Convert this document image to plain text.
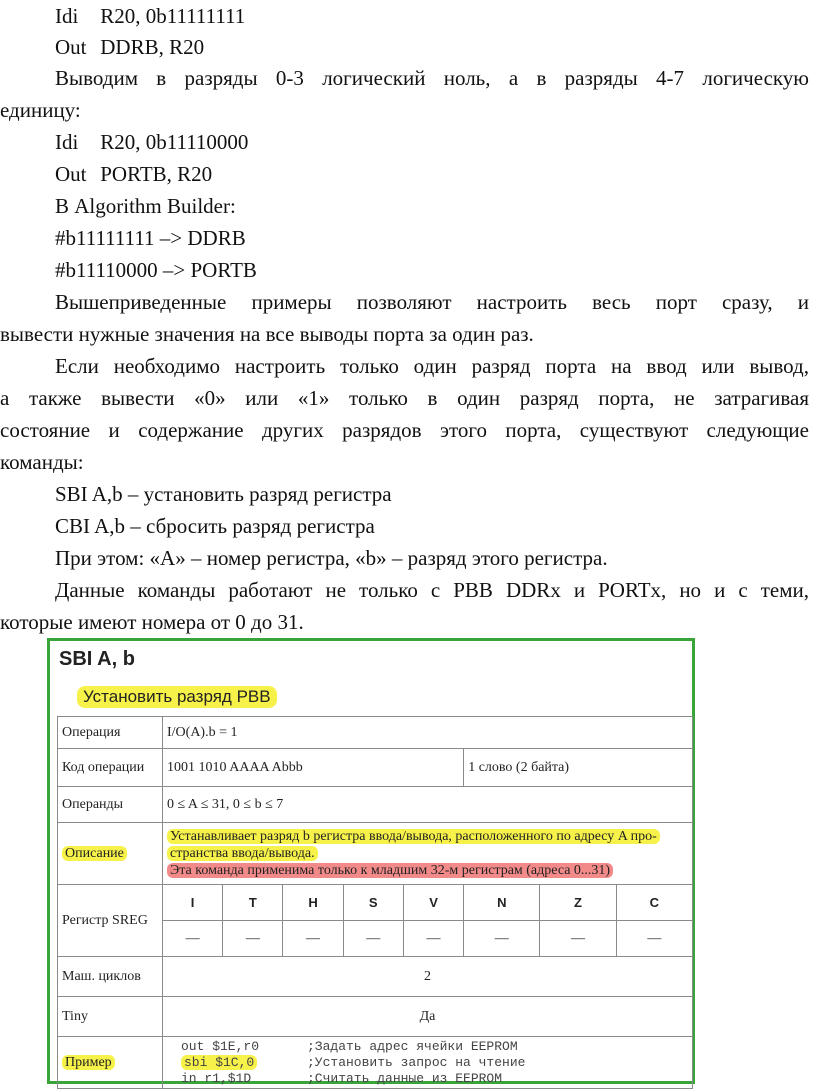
Idi R20, 0b11111111
Out DDRB, R20
Выводим в разряды 0-3 логический ноль, а в разряды 4-7 логическую
единицу:
Idi R20, 0b11110000
Out PORTB, R20
В Algorithm Builder:
#b11111111 –> DDRB
#b11110000 –> PORTB
Вышеприведенные примеры позволяют настроить весь порт сразу, и
вывести нужные значения на все выводы порта за один раз.
Если необходимо настроить только один разряд порта на ввод или вывод,
а также вывести «0» или «1» только в один разряд порта, не затрагивая
состояние и содержание других разрядов этого порта, существуют следующие
команды:
SBI A,b – установить разряд регистра
CBI A,b – сбросить разряд регистра
При этом: «A» – номер регистра, «b» – разряд этого регистра.
Данные команды работают не только с РВВ DDRx и PORTx, но и с теми,
которые имеют номера от 0 до 31.
SBI A, b
Установить разряд РВВ
Операция	I/O(A).b = 1							
Код операции	1001 1010 AAAA Abbb					1 слово (2 байта)		
Операнды	0 ≤ A ≤ 31, 0 ≤ b ≤ 7							
Описание	Устанавливает разряд b регистра ввода/вывода, расположенного по адресу A про-
странства ввода/вывода.
Эта команда применима только к младшим 32-м регистрам (адреса 0...31)							
Регистр SREG	I	T	H	S	V	N	Z	C
	—	—	—	—	—	—	—	—
Маш. циклов	2							
Tiny	Да							
Пример	out $1E,r0 ;Задать адрес ячейки EEPROM
sbi $1C,0 ;Установить запрос на чтение
in r1,$1D ;Считать данные из EEPROM							
